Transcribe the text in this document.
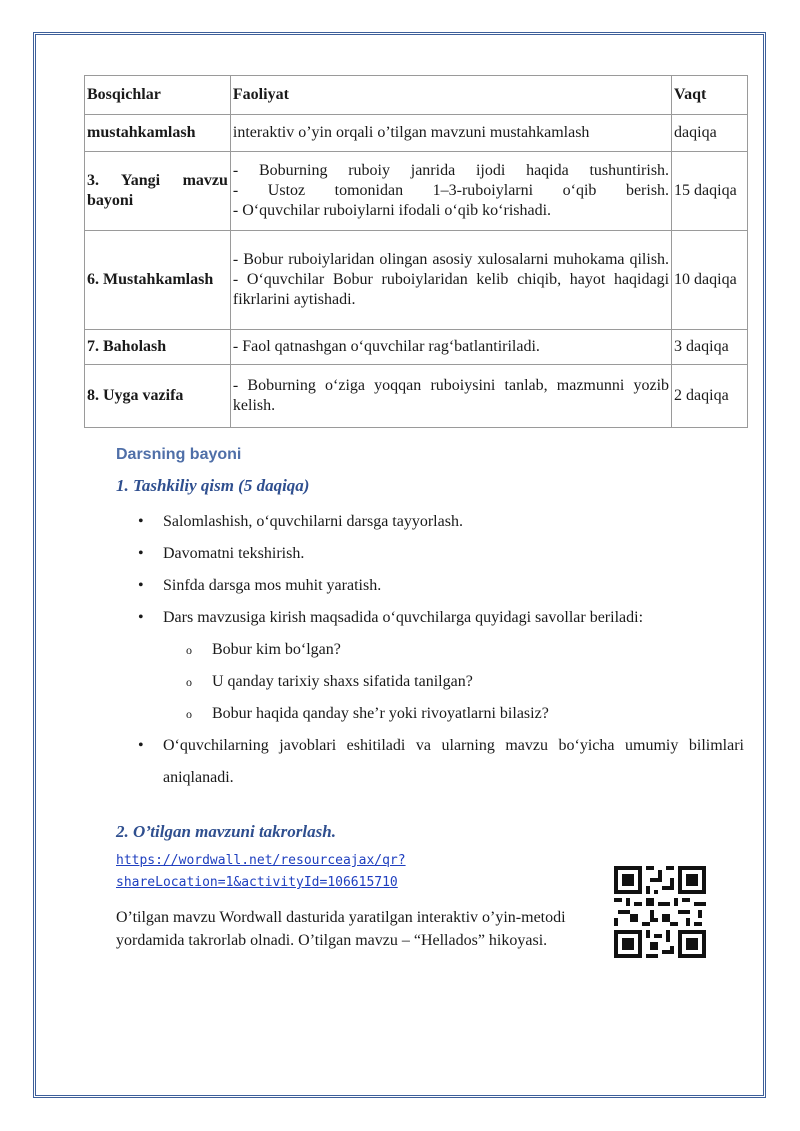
Bosqichlar	Faoliyat	Vaqt
mustahkamlash	interaktiv o’yin orqali o’tilgan mavzuni mustahkamlash	daqiqa
3. Yangi mavzu bayoni	- Boburning ruboiy janrida ijodi haqida tushuntirish.
- Ustoz tomonidan 1–3-ruboiylarni o‘qib berish.
- O‘quvchilar ruboiylarni ifodali o‘qib ko‘rishadi.	15 daqiqa
6. Mustahkamlash	- Bobur ruboiylaridan olingan asosiy xulosalarni muhokama qilish.
- O‘quvchilar Bobur ruboiylaridan kelib chiqib, hayot haqidagi fikrlarini aytishadi.	10 daqiqa
7. Baholash	- Faol qatnashgan o‘quvchilar rag‘batlantiriladi.	3 daqiqa
8. Uyga vazifa	- Boburning o‘ziga yoqqan ruboiysini tanlab, mazmunni yozib kelish.	2 daqiqa

Darsning bayoni

1. Tashkiliy qism (5 daqiqa)

• Salomlashish, o‘quvchilarni darsga tayyorlash.
• Davomatni tekshirish.
• Sinfda darsga mos muhit yaratish.
• Dars mavzusiga kirish maqsadida o‘quvchilarga quyidagi savollar beriladi:
o Bobur kim bo‘lgan?
o U qanday tarixiy shaxs sifatida tanilgan?
o Bobur haqida qanday she’r yoki rivoyatlarni bilasiz?
• O‘quvchilarning javoblari eshitiladi va ularning mavzu bo‘yicha umumiy bilimlari aniqlanadi.

2. O’tilgan mavzuni takrorlash.

https://wordwall.net/resourceajax/qr?
shareLocation=1&activityId=106615710
O’tilgan mavzu Wordwall dasturida yaratilgan interaktiv o’yin-metodi yordamida takrorlab olnadi. O’tilgan mavzu – “Hellados” hikoyasi.
